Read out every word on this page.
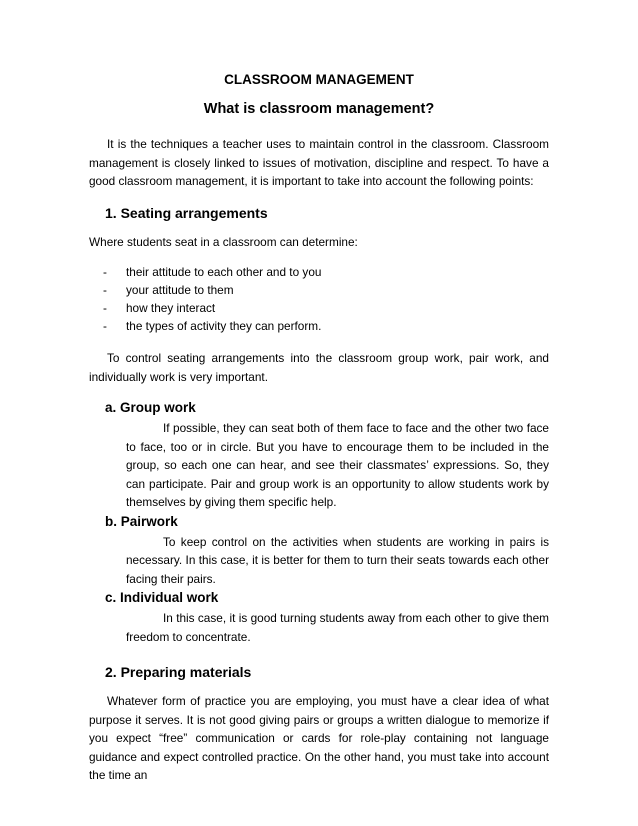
CLASSROOM MANAGEMENT
What is classroom management?

It is the techniques a teacher uses to maintain control in the classroom. Classroom management is closely linked to issues of motivation, discipline and respect. To have a good classroom management, it is important to take into account the following points:

1. Seating arrangements

Where students seat in a classroom can determine:

- their attitude to each other and to you
- your attitude to them
- how they interact
- the types of activity they can perform.

To control seating arrangements into the classroom group work, pair work, and individually work is very important.

a. Group work

If possible, they can seat both of them face to face and the other two face to face, too or in circle. But you have to encourage them to be included in the group, so each one can hear, and see their classmates’ expressions. So, they can participate. Pair and group work is an opportunity to allow students work by themselves by giving them specific help.

b. Pairwork

To keep control on the activities when students are working in pairs is necessary. In this case, it is better for them to turn their seats towards each other facing their pairs.

c. Individual work

In this case, it is good turning students away from each other to give them freedom to concentrate.

2. Preparing materials

Whatever form of practice you are employing, you must have a clear idea of what purpose it serves. It is not good giving pairs or groups a written dialogue to memorize if you expect “free” communication or cards for role-play containing not language guidance and expect controlled practice. On the other hand, you must take into account the time an
